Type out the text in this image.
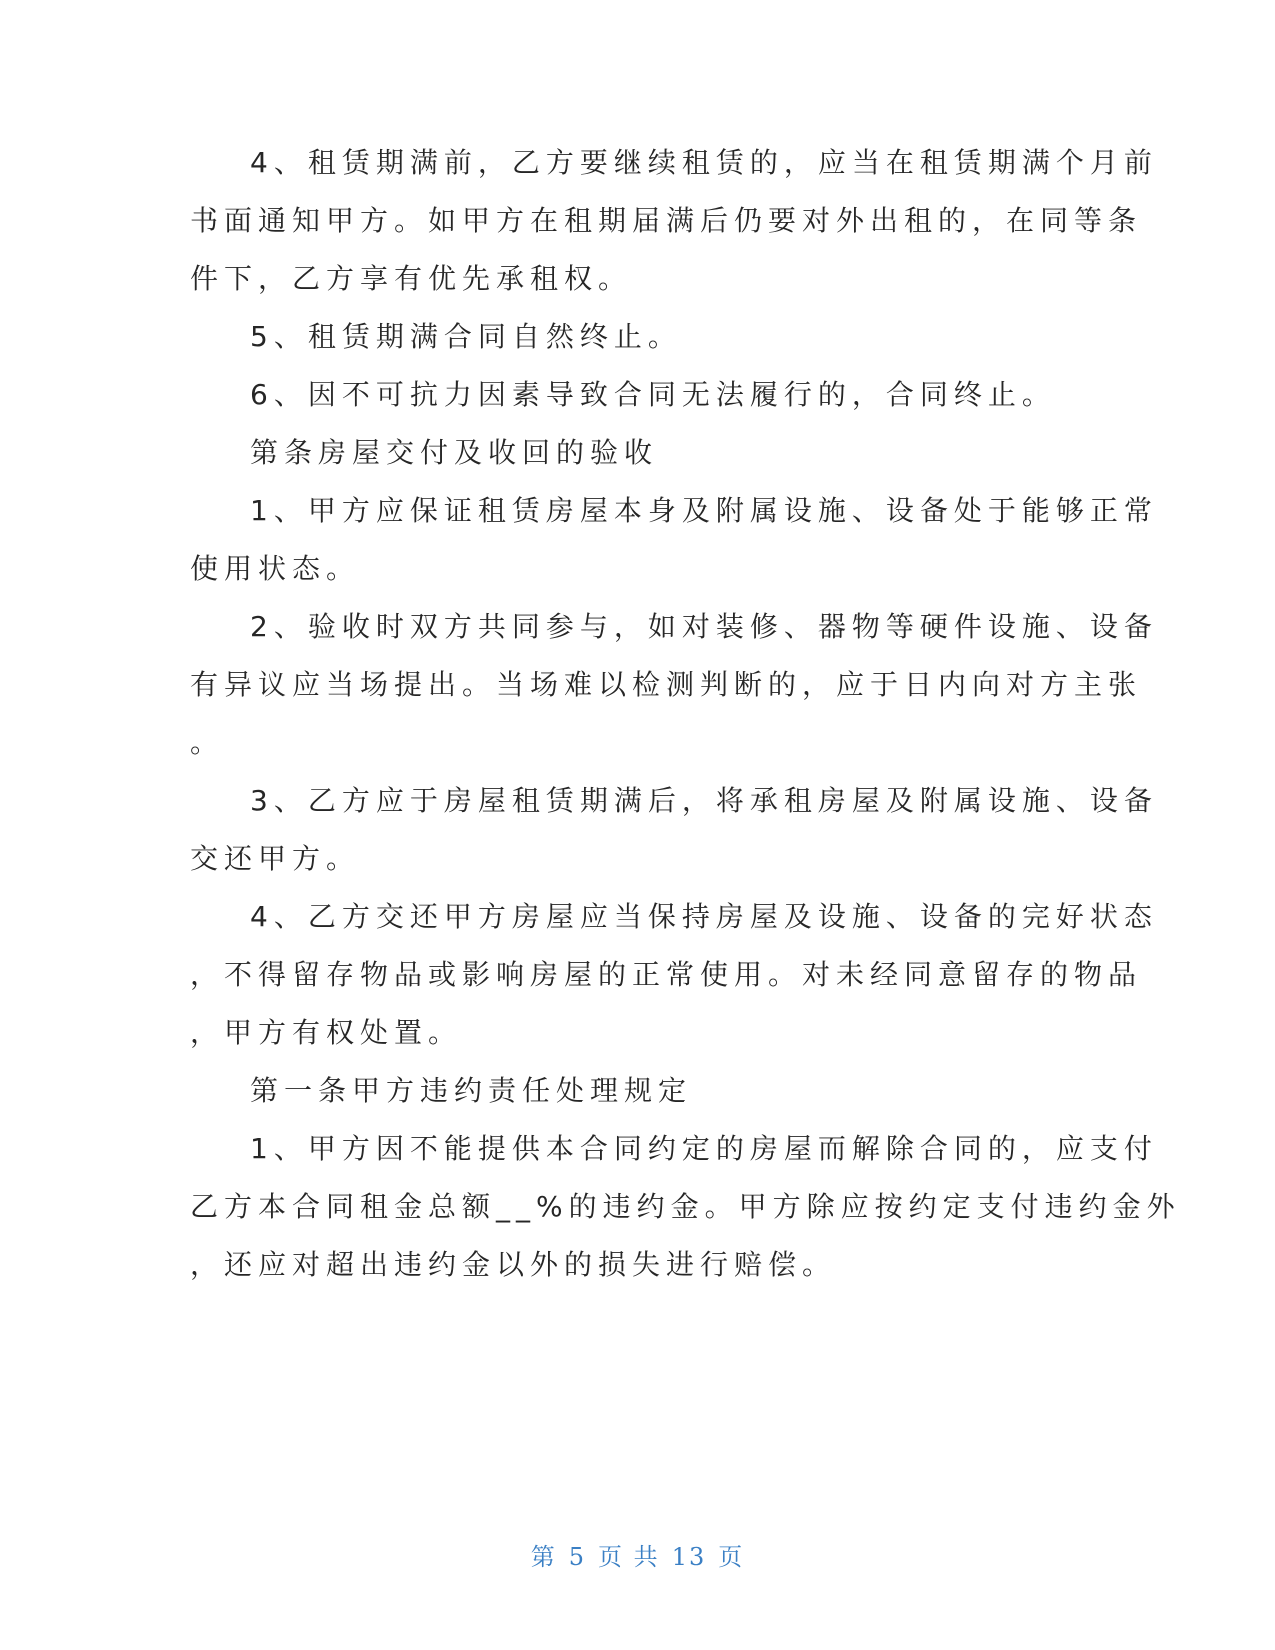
4、租赁期满前，乙方要继续租赁的，应当在租赁期满个月前
书面通知甲方。如甲方在租期届满后仍要对外出租的，在同等条
件下，乙方享有优先承租权。
5、租赁期满合同自然终止。
6、因不可抗力因素导致合同无法履行的，合同终止。
第条房屋交付及收回的验收
1、甲方应保证租赁房屋本身及附属设施、设备处于能够正常
使用状态。
2、验收时双方共同参与，如对装修、器物等硬件设施、设备
有异议应当场提出。当场难以检测判断的，应于日内向对方主张
。
3、乙方应于房屋租赁期满后，将承租房屋及附属设施、设备
交还甲方。
4、乙方交还甲方房屋应当保持房屋及设施、设备的完好状态
，不得留存物品或影响房屋的正常使用。对未经同意留存的物品
，甲方有权处置。
第一条甲方违约责任处理规定
1、甲方因不能提供本合同约定的房屋而解除合同的，应支付
乙方本合同租金总额__%的违约金。甲方除应按约定支付违约金外
，还应对超出违约金以外的损失进行赔偿。
第 5 页 共 13 页
